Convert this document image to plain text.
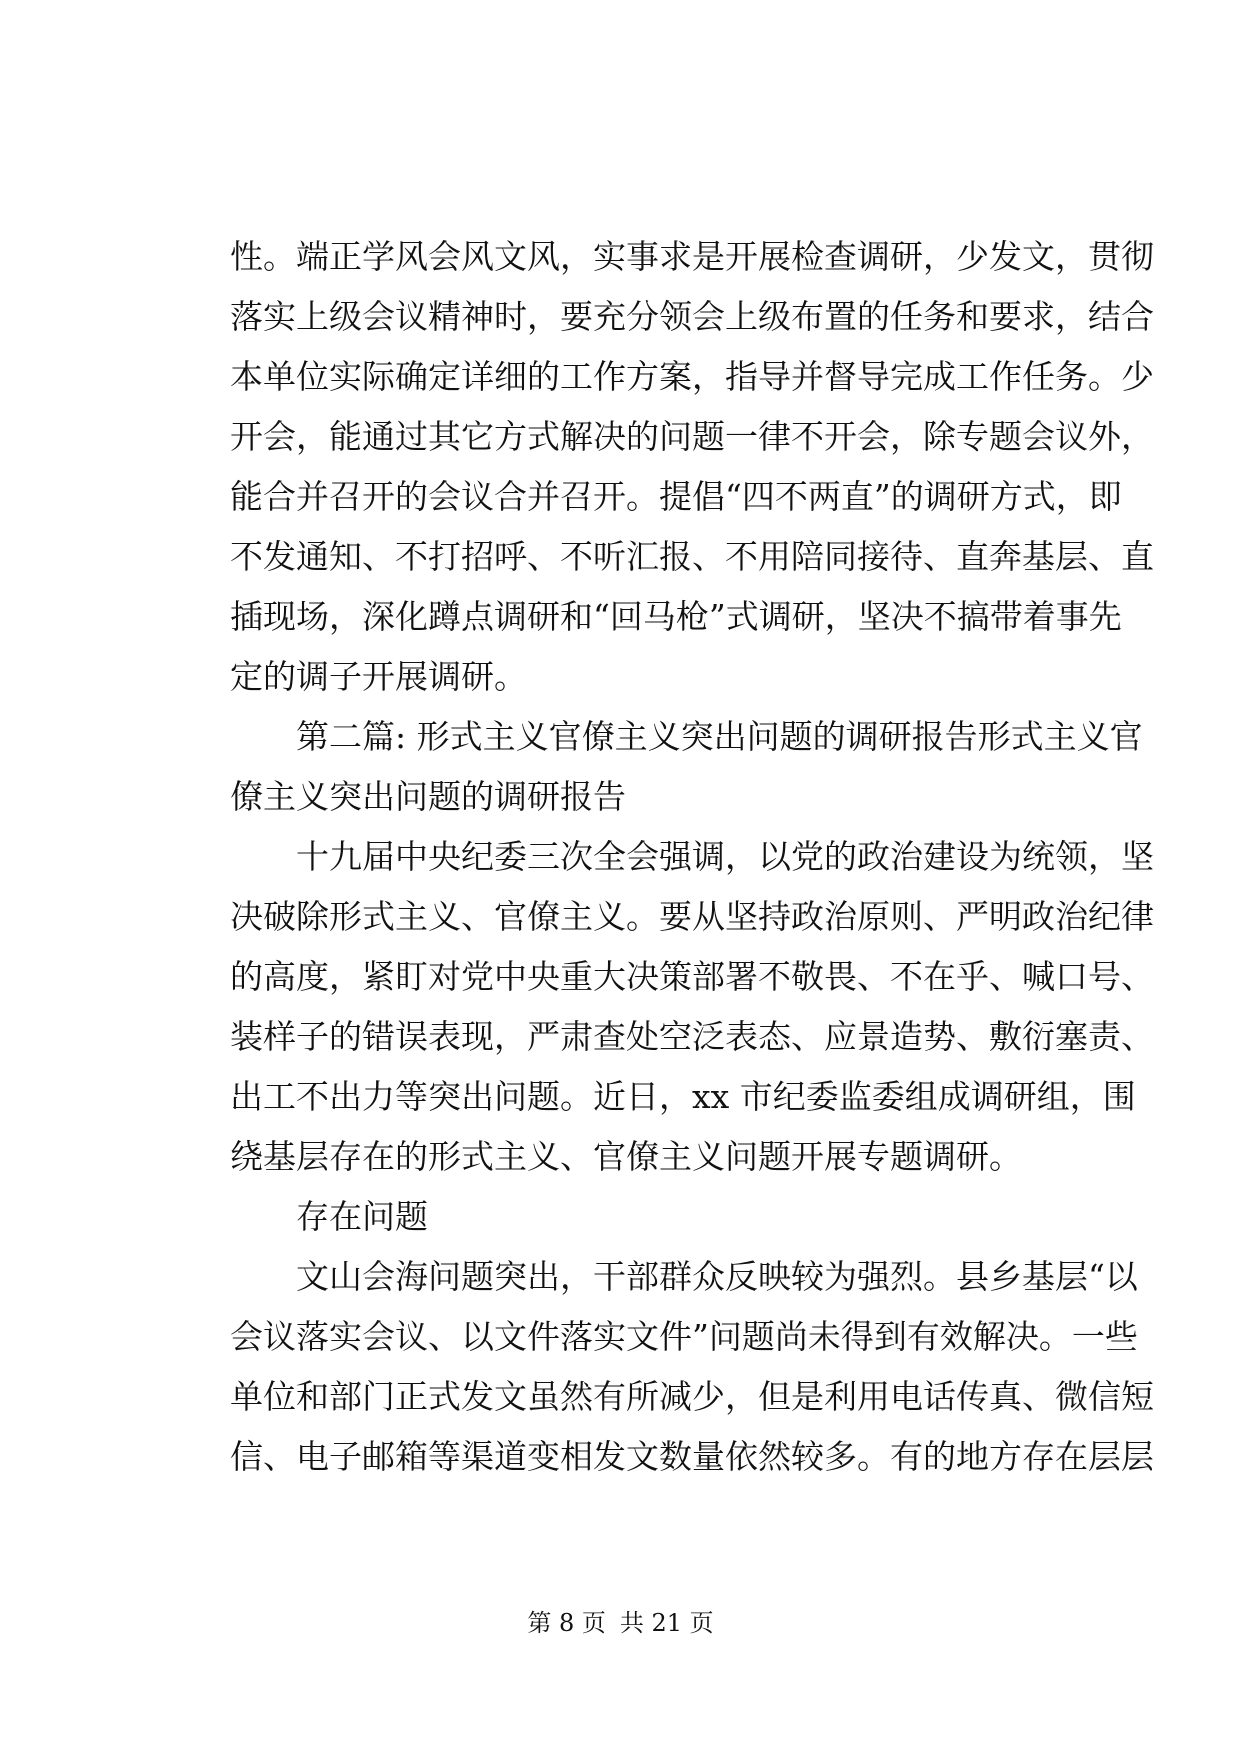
性。端正学风会风文风，实事求是开展检查调研，少发文，贯彻
落实上级会议精神时，要充分领会上级布置的任务和要求，结合
本单位实际确定详细的工作方案，指导并督导完成工作任务。少
开会，能通过其它方式解决的问题一律不开会，除专题会议外，
能合并召开的会议合并召开。提倡“四不两直”的调研方式，即
不发通知、不打招呼、不听汇报、不用陪同接待、直奔基层、直
插现场，深化蹲点调研和“回马枪”式调研，坚决不搞带着事先
定的调子开展调研。
第二篇: 形式主义官僚主义突出问题的调研报告形式主义官
僚主义突出问题的调研报告
十九届中央纪委三次全会强调，以党的政治建设为统领，坚
决破除形式主义、官僚主义。要从坚持政治原则、严明政治纪律
的高度，紧盯对党中央重大决策部署不敬畏、不在乎、喊口号、
装样子的错误表现，严肃查处空泛表态、应景造势、敷衍塞责、
出工不出力等突出问题。近日，xx 市纪委监委组成调研组，围
绕基层存在的形式主义、官僚主义问题开展专题调研。
存在问题
文山会海问题突出，干部群众反映较为强烈。县乡基层“以
会议落实会议、以文件落实文件”问题尚未得到有效解决。一些
单位和部门正式发文虽然有所减少，但是利用电话传真、微信短
信、电子邮箱等渠道变相发文数量依然较多。有的地方存在层层
第 8 页 共 21 页
